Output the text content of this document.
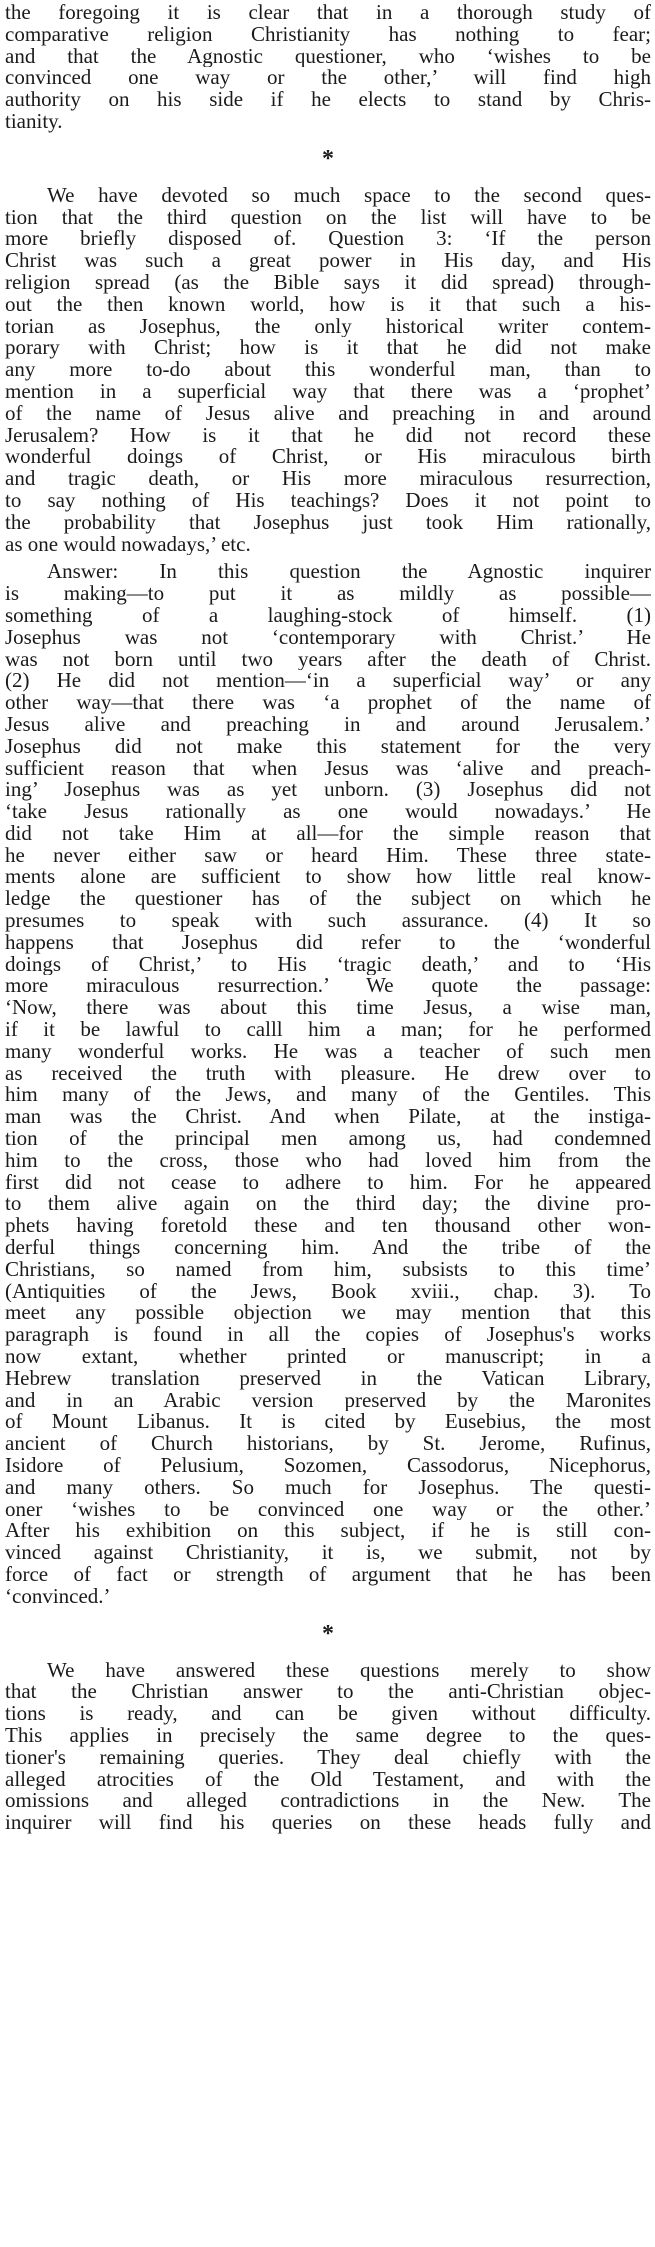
the foregoing it is clear that in a thorough study of
comparative religion Christianity has nothing to fear;
and that the Agnostic questioner, who ‘wishes to be
convinced one way or the other,’ will find high
authority on his side if he elects to stand by Chris-
tianity.
*
We have devoted so much space to the second ques-
tion that the third question on the list will have to be
more briefly disposed of. Question 3: ‘If the person
Christ was such a great power in His day, and His
religion spread (as the Bible says it did spread) through-
out the then known world, how is it that such a his-
torian as Josephus, the only historical writer contem-
porary with Christ; how is it that he did not make
any more to-do about this wonderful man, than to
mention in a superficial way that there was a ‘prophet’
of the name of Jesus alive and preaching in and around
Jerusalem? How is it that he did not record these
wonderful doings of Christ, or His miraculous birth
and tragic death, or His more miraculous resurrection,
to say nothing of His teachings? Does it not point to
the probability that Josephus just took Him rationally,
as one would nowadays,’ etc.
Answer: In this question the Agnostic inquirer
is making—to put it as mildly as possible—
something of a laughing-stock of himself. (1)
Josephus was not ‘contemporary with Christ.’ He
was not born until two years after the death of Christ.
(2) He did not mention—‘in a superficial way’ or any
other way—that there was ‘a prophet of the name of
Jesus alive and preaching in and around Jerusalem.’
Josephus did not make this statement for the very
sufficient reason that when Jesus was ‘alive and preach-
ing’ Josephus was as yet unborn. (3) Josephus did not
‘take Jesus rationally as one would nowadays.’ He
did not take Him at all—for the simple reason that
he never either saw or heard Him. These three state-
ments alone are sufficient to show how little real know-
ledge the questioner has of the subject on which he
presumes to speak with such assurance. (4) It so
happens that Josephus did refer to the ‘wonderful
doings of Christ,’ to His ‘tragic death,’ and to ‘His
more miraculous resurrection.’ We quote the passage:
‘Now, there was about this time Jesus, a wise man,
if it be lawful to calll him a man; for he performed
many wonderful works. He was a teacher of such men
as received the truth with pleasure. He drew over to
him many of the Jews, and many of the Gentiles. This
man was the Christ. And when Pilate, at the instiga-
tion of the principal men among us, had condemned
him to the cross, those who had loved him from the
first did not cease to adhere to him. For he appeared
to them alive again on the third day; the divine pro-
phets having foretold these and ten thousand other won-
derful things concerning him. And the tribe of the
Christians, so named from him, subsists to this time’
(Antiquities of the Jews, Book xviii., chap. 3). To
meet any possible objection we may mention that this
paragraph is found in all the copies of Josephus's works
now extant, whether printed or manuscript; in a
Hebrew translation preserved in the Vatican Library,
and in an Arabic version preserved by the Maronites
of Mount Libanus. It is cited by Eusebius, the most
ancient of Church historians, by St. Jerome, Rufinus,
Isidore of Pelusium, Sozomen, Cassodorus, Nicephorus,
and many others. So much for Josephus. The questi-
oner ‘wishes to be convinced one way or the other.’
After his exhibition on this subject, if he is still con-
vinced against Christianity, it is, we submit, not by
force of fact or strength of argument that he has been
‘convinced.’
*
We have answered these questions merely to show
that the Christian answer to the anti-Christian objec-
tions is ready, and can be given without difficulty.
This applies in precisely the same degree to the ques-
tioner's remaining queries. They deal chiefly with the
alleged atrocities of the Old Testament, and with the
omissions and alleged contradictions in the New. The
inquirer will find his queries on these heads fully and
